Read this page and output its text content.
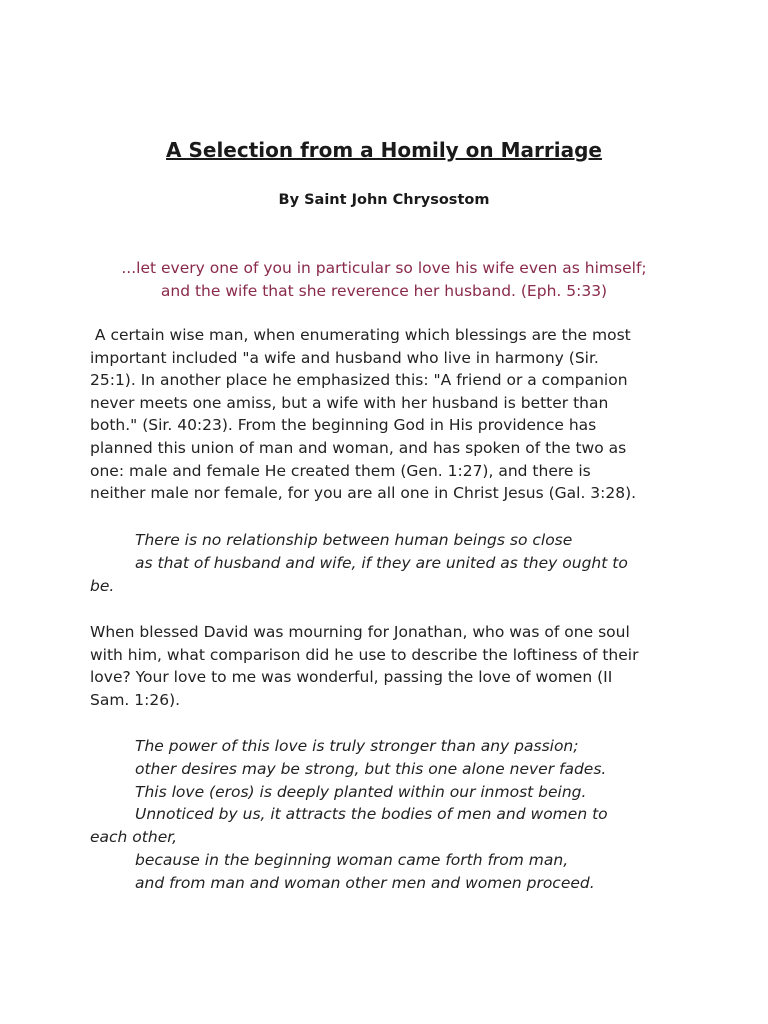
A Selection from a Homily on Marriage
By Saint John Chrysostom
...let every one of you in particular so love his wife even as himself;
and the wife that she reverence her husband. (Eph. 5:33)
A certain wise man, when enumerating which blessings are the most
important included "a wife and husband who live in harmony (Sir.
25:1). In another place he emphasized this: "A friend or a companion
never meets one amiss, but a wife with her husband is better than
both." (Sir. 40:23). From the beginning God in His providence has
planned this union of man and woman, and has spoken of the two as
one: male and female He created them (Gen. 1:27), and there is
neither male nor female, for you are all one in Christ Jesus (Gal. 3:28).
There is no relationship between human beings so close
as that of husband and wife, if they are united as they ought to
be.
When blessed David was mourning for Jonathan, who was of one soul
with him, what comparison did he use to describe the loftiness of their
love? Your love to me was wonderful, passing the love of women (II
Sam. 1:26).
The power of this love is truly stronger than any passion;
other desires may be strong, but this one alone never fades.
This love (eros) is deeply planted within our inmost being.
Unnoticed by us, it attracts the bodies of men and women to
each other,
because in the beginning woman came forth from man,
and from man and woman other men and women proceed.
